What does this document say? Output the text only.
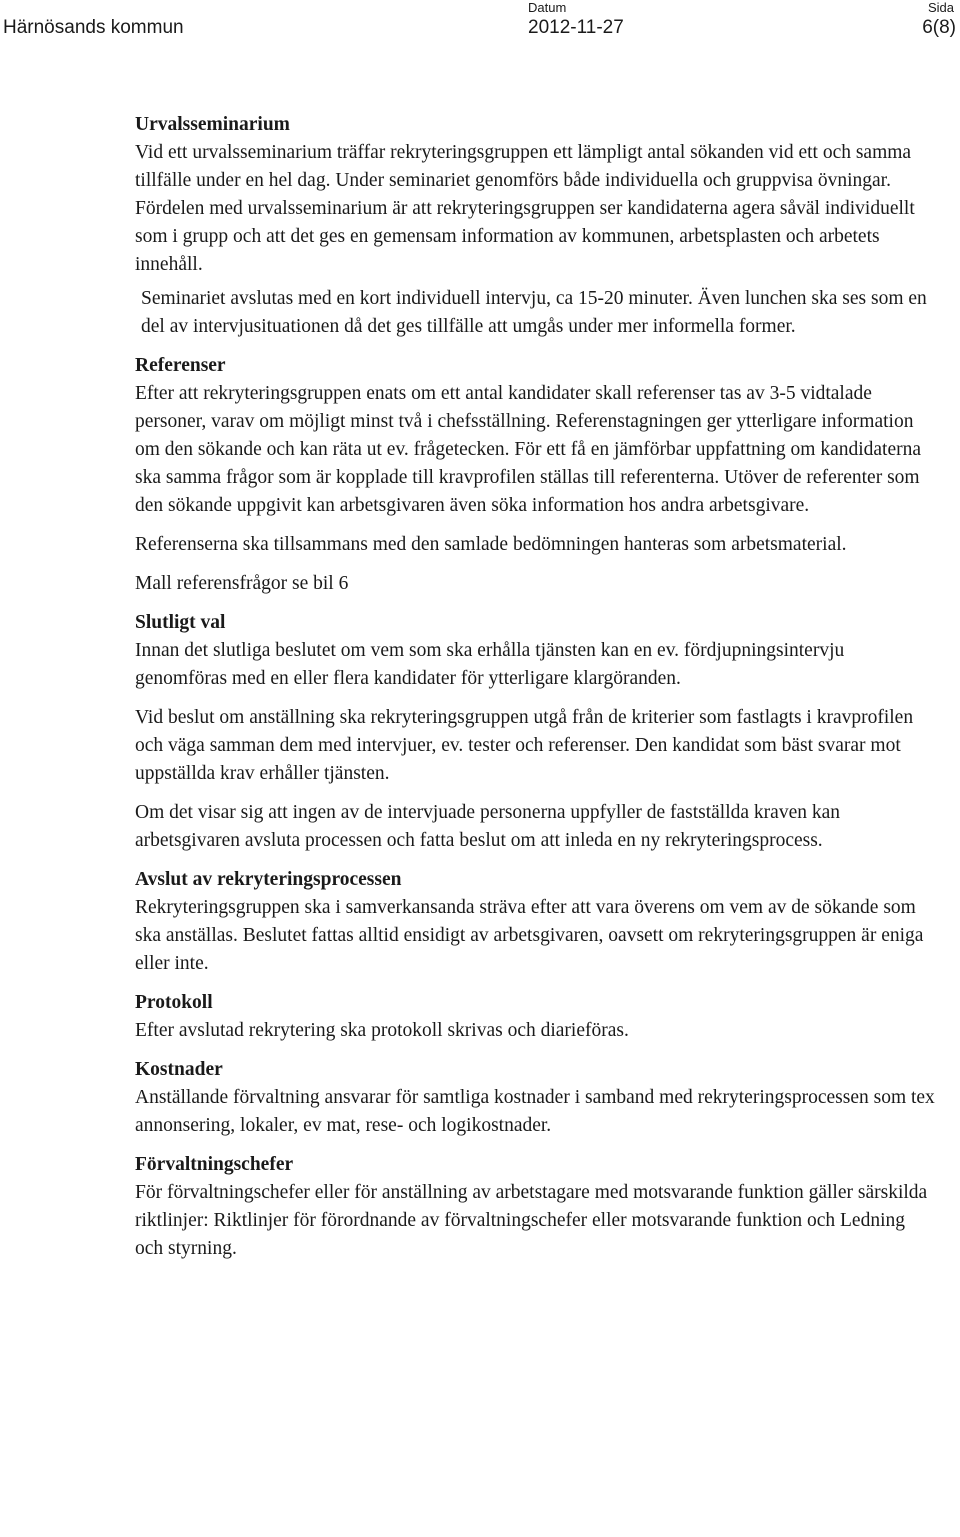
Härnösands kommun
Datum
2012-11-27
Sida
6(8)
Urvalsseminarium

Vid ett urvalsseminarium träffar rekryteringsgruppen ett lämpligt antal sökanden vid ett och samma tillfälle under en hel dag. Under seminariet genomförs både individuella och gruppvisa övningar.

Fördelen med urvalsseminarium är att rekryteringsgruppen ser kandidaterna agera såväl individuellt som i grupp och att det ges en gemensam information av kommunen, arbetsplasten och arbetets innehåll.

Seminariet avslutas med en kort individuell intervju, ca 15-20 minuter. Även lunchen ska ses som en del av intervjusituationen då det ges tillfälle att umgås under mer informella former.

Referenser

Efter att rekryteringsgruppen enats om ett antal kandidater skall referenser tas av 3-5 vidtalade personer, varav om möjligt minst två i chefsställning. Referenstagningen ger ytterligare information om den sökande och kan räta ut ev. frågetecken. För ett få en jämförbar uppfattning om kandidaterna ska samma frågor som är kopplade till kravprofilen ställas till referenterna. Utöver de referenter som den sökande uppgivit kan arbetsgivaren även söka information hos andra arbetsgivare.

Referenserna ska tillsammans med den samlade bedömningen hanteras som arbetsmaterial.

Mall referensfrågor se bil 6

Slutligt val

Innan det slutliga beslutet om vem som ska erhålla tjänsten kan en ev. fördjupningsintervju genomföras med en eller flera kandidater för ytterligare klargöranden.

Vid beslut om anställning ska rekryteringsgruppen utgå från de kriterier som fastlagts i kravprofilen och väga samman dem med intervjuer, ev. tester och referenser. Den kandidat som bäst svarar mot uppställda krav erhåller tjänsten.

Om det visar sig att ingen av de intervjuade personerna uppfyller de fastställda kraven kan arbetsgivaren avsluta processen och fatta beslut om att inleda en ny rekryteringsprocess.

Avslut av rekryteringsprocessen

Rekryteringsgruppen ska i samverkansanda sträva efter att vara överens om vem av de sökande som ska anställas. Beslutet fattas alltid ensidigt av arbetsgivaren, oavsett om rekryteringsgruppen är eniga eller inte.

Protokoll

Efter avslutad rekrytering ska protokoll skrivas och diarieföras.

Kostnader

Anställande förvaltning ansvarar för samtliga kostnader i samband med rekryteringsprocessen som tex annonsering, lokaler, ev mat, rese- och logikostnader.

Förvaltningschefer

För förvaltningschefer eller för anställning av arbetstagare med motsvarande funktion gäller särskilda riktlinjer: Riktlinjer för förordnande av förvaltningschefer eller motsvarande funktion och Ledning och styrning.
